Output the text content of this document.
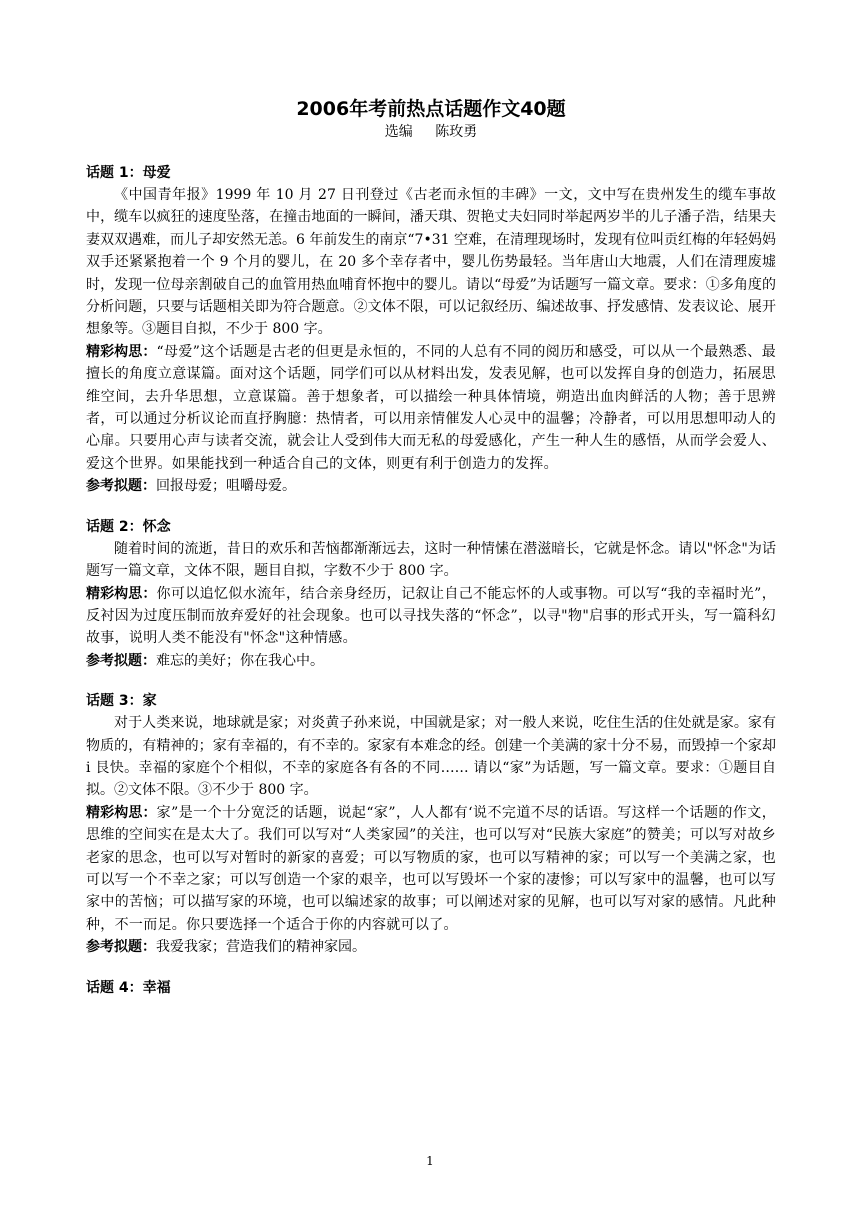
2006年考前热点话题作文40题

选编 陈玫勇

话题 1：母爱

《中国青年报》1999 年 10 月 27 日刊登过《古老而永恒的丰碑》一文，文中写在贵州发生的缆车事故中，缆车以疯狂的速度坠落，在撞击地面的一瞬间，潘天琪、贺艳丈夫妇同时举起两岁半的儿子潘子浩，结果夫妻双双遇难，而儿子却安然无恙。6 年前发生的南京“7•31 空难，在清理现场时，发现有位叫贡红梅的年轻妈妈双手还紧紧抱着一个 9 个月的婴儿，在 20 多个幸存者中，婴儿伤势最轻。当年唐山大地震，人们在清理废墟时，发现一位母亲割破自己的血管用热血哺育怀抱中的婴儿。请以“母爱”为话题写一篇文章。要求：①多角度的分析问题，只要与话题相关即为符合题意。②文体不限，可以记叙经历、编述故事、抒发感情、发表议论、展开想象等。③题目自拟，不少于 800 字。

精彩构思：“母爱”这个话题是古老的但更是永恒的，不同的人总有不同的阅历和感受，可以从一个最熟悉、最擅长的角度立意谋篇。面对这个话题，同学们可以从材料出发，发表见解，也可以发挥自身的创造力，拓展思维空间，去升华思想，立意谋篇。善于想象者，可以描绘一种具体情境，朔造出血肉鲜活的人物；善于思辨者，可以通过分析议论而直抒胸臆：热情者，可以用亲情催发人心灵中的温馨；冷静者，可以用思想叩动人的心扉。只要用心声与读者交流，就会让人受到伟大而无私的母爱感化，产生一种人生的感悟，从而学会爱人、爱这个世界。如果能找到一种适合自己的文体，则更有利于创造力的发挥。

参考拟题：回报母爱；咀嚼母爱。

话题 2：怀念

随着时间的流逝，昔日的欢乐和苦恼都渐渐远去，这时一种情愫在潜滋暗长，它就是怀念。请以"怀念"为话题写一篇文章，文体不限，题目自拟，字数不少于 800 字。

精彩构思：你可以追忆似水流年，结合亲身经历，记叙让自己不能忘怀的人或事物。可以写“我的幸福时光”，反衬因为过度压制而放弃爱好的社会现象。也可以寻找失落的“怀念”，以寻"物"启事的形式开头，写一篇科幻故事，说明人类不能没有"怀念"这种情感。

参考拟题：难忘的美好；你在我心中。

话题 3：家

对于人类来说，地球就是家；对炎黄子孙来说，中国就是家；对一般人来说，吃住生活的住处就是家。家有物质的，有精神的；家有幸福的，有不幸的。家家有本难念的经。创建一个美满的家十分不易，而毁掉一个家却 i 艮快。幸福的家庭个个相似，不幸的家庭各有各的不同…… 请以“家”为话题，写一篇文章。要求：①题目自拟。②文体不限。③不少于 800 字。

精彩构思：家”是一个十分宽泛的话题，说起“家”，人人都有‘说不完道不尽的话语。写这样一个话题的作文，思维的空间实在是太大了。我们可以写对“人类家园”的关注，也可以写对“民族大家庭”的赞美；可以写对故乡老家的思念，也可以写对暂时的新家的喜爱；可以写物质的家，也可以写精神的家；可以写一个美满之家，也可以写一个不幸之家；可以写创造一个家的艰辛，也可以写毁坏一个家的凄惨；可以写家中的温馨，也可以写家中的苦恼；可以描写家的环境，也可以编述家的故事；可以阐述对家的见解，也可以写对家的感情。凡此种种，不一而足。你只要选择一个适合于你的内容就可以了。

参考拟题：我爱我家；营造我们的精神家园。

话题 4：幸福

1
